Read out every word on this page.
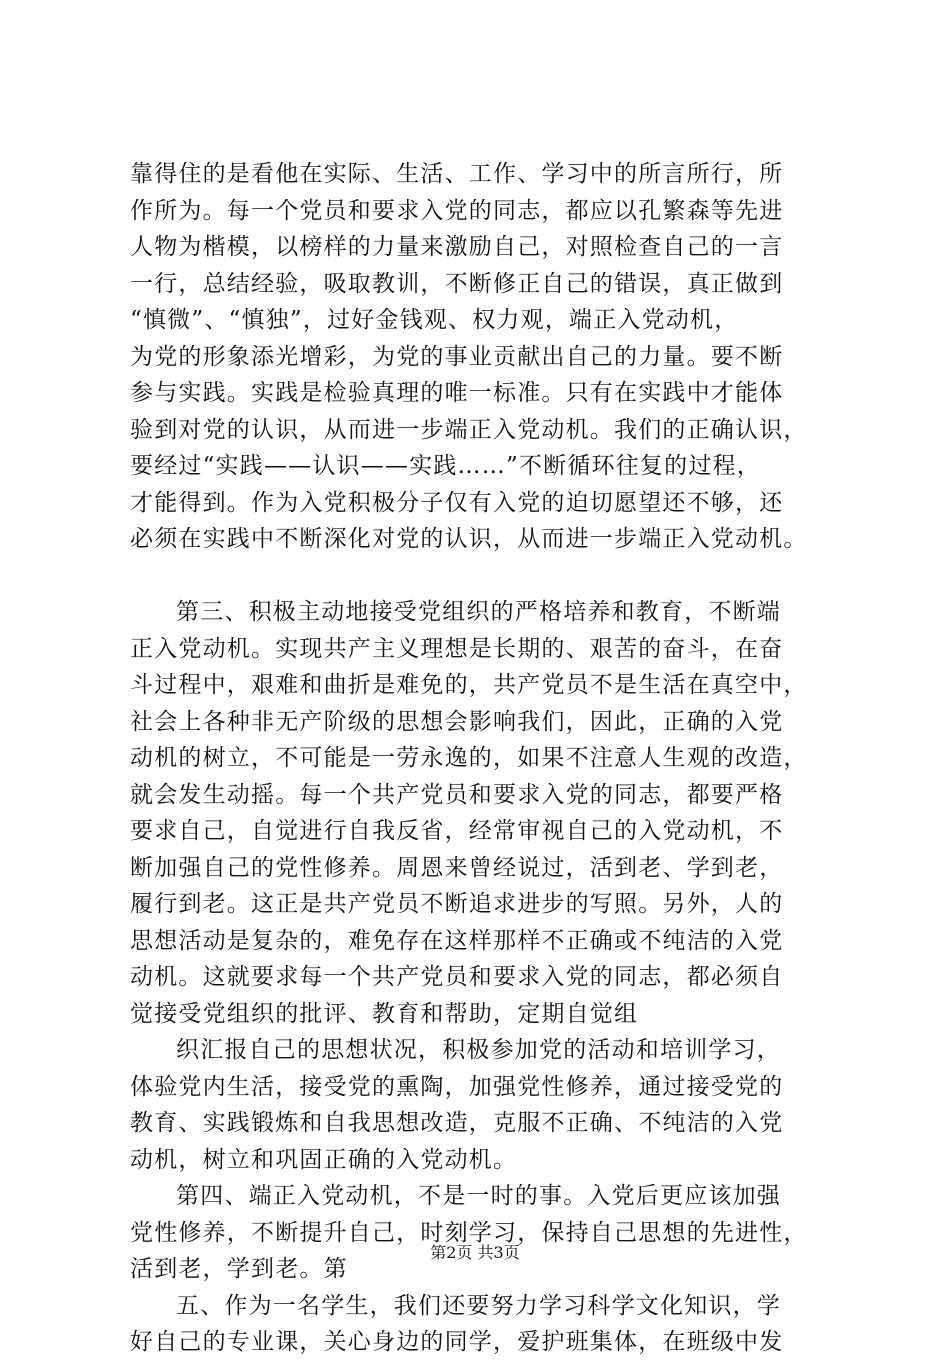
靠得住的是看他在实际、生活、工作、学习中的所言所行，所
作所为。每一个党员和要求入党的同志，都应以孔繁森等先进
人物为楷模，以榜样的力量来激励自己，对照检查自己的一言
一行，总结经验，吸取教训，不断修正自己的错误，真正做到
“慎微”、“慎独”，过好金钱观、权力观，端正入党动机，
为党的形象添光增彩，为党的事业贡献出自己的力量。要不断
参与实践。实践是检验真理的唯一标准。只有在实践中才能体
验到对党的认识，从而进一步端正入党动机。我们的正确认识，
要经过“实践——认识——实践……”不断循环往复的过程，
才能得到。作为入党积极分子仅有入党的迫切愿望还不够，还
必须在实践中不断深化对党的认识，从而进一步端正入党动机。
第三、积极主动地接受党组织的严格培养和教育，不断端
正入党动机。实现共产主义理想是长期的、艰苦的奋斗，在奋
斗过程中，艰难和曲折是难免的，共产党员不是生活在真空中，
社会上各种非无产阶级的思想会影响我们，因此，正确的入党
动机的树立，不可能是一劳永逸的，如果不注意人生观的改造，
就会发生动摇。每一个共产党员和要求入党的同志，都要严格
要求自己，自觉进行自我反省，经常审视自己的入党动机，不
断加强自己的党性修养。周恩来曾经说过，活到老、学到老，
履行到老。这正是共产党员不断追求进步的写照。另外，人的
思想活动是复杂的，难免存在这样那样不正确或不纯洁的入党
动机。这就要求每一个共产党员和要求入党的同志，都必须自
觉接受党组织的批评、教育和帮助，定期自觉组
织汇报自己的思想状况，积极参加党的活动和培训学习，
体验党内生活，接受党的熏陶，加强党性修养，通过接受党的
教育、实践锻炼和自我思想改造，克服不正确、不纯洁的入党
动机，树立和巩固正确的入党动机。
第四、端正入党动机，不是一时的事。入党后更应该加强
党性修养，不断提升自己，时刻学习，保持自己思想的先进性，
活到老，学到老。第
五、作为一名学生，我们还要努力学习科学文化知识，学
好自己的专业课，关心身边的同学，爱护班集体，在班级中发
第2页 共3页
